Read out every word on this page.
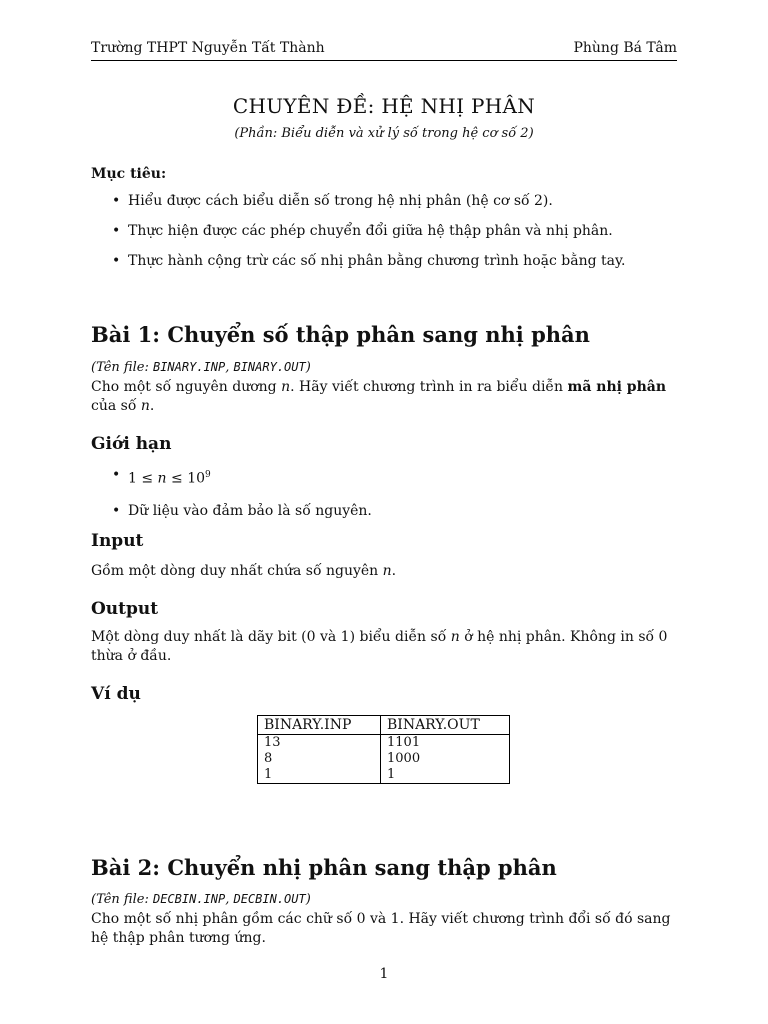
Trường THPT Nguyễn Tất Thành	Phùng Bá Tâm
CHUYÊN ĐỀ: HỆ NHỊ PHÂN
(Phần: Biểu diễn và xử lý số trong hệ cơ số 2)
Mục tiêu:
• Hiểu được cách biểu diễn số trong hệ nhị phân (hệ cơ số 2).
• Thực hiện được các phép chuyển đổi giữa hệ thập phân và nhị phân.
• Thực hành cộng trừ các số nhị phân bằng chương trình hoặc bằng tay.
Bài 1: Chuyển số thập phân sang nhị phân
(Tên file: BINARY.INP, BINARY.OUT)
Cho một số nguyên dương n. Hãy viết chương trình in ra biểu diễn mã nhị phân của số n.
Giới hạn
• $1 \le n \le 10^9$
• Dữ liệu vào đảm bảo là số nguyên.
Input
Gồm một dòng duy nhất chứa số nguyên n.
Output
Một dòng duy nhất là dãy bit (0 và 1) biểu diễn số n ở hệ nhị phân. Không in số 0 thừa ở đầu.
Ví dụ
BINARY.INP	BINARY.OUT
13	1101
8	1000
1	1
Bài 2: Chuyển nhị phân sang thập phân
(Tên file: DECBIN.INP, DECBIN.OUT)
Cho một số nhị phân gồm các chữ số 0 và 1. Hãy viết chương trình đổi số đó sang hệ thập phân tương ứng.
1
